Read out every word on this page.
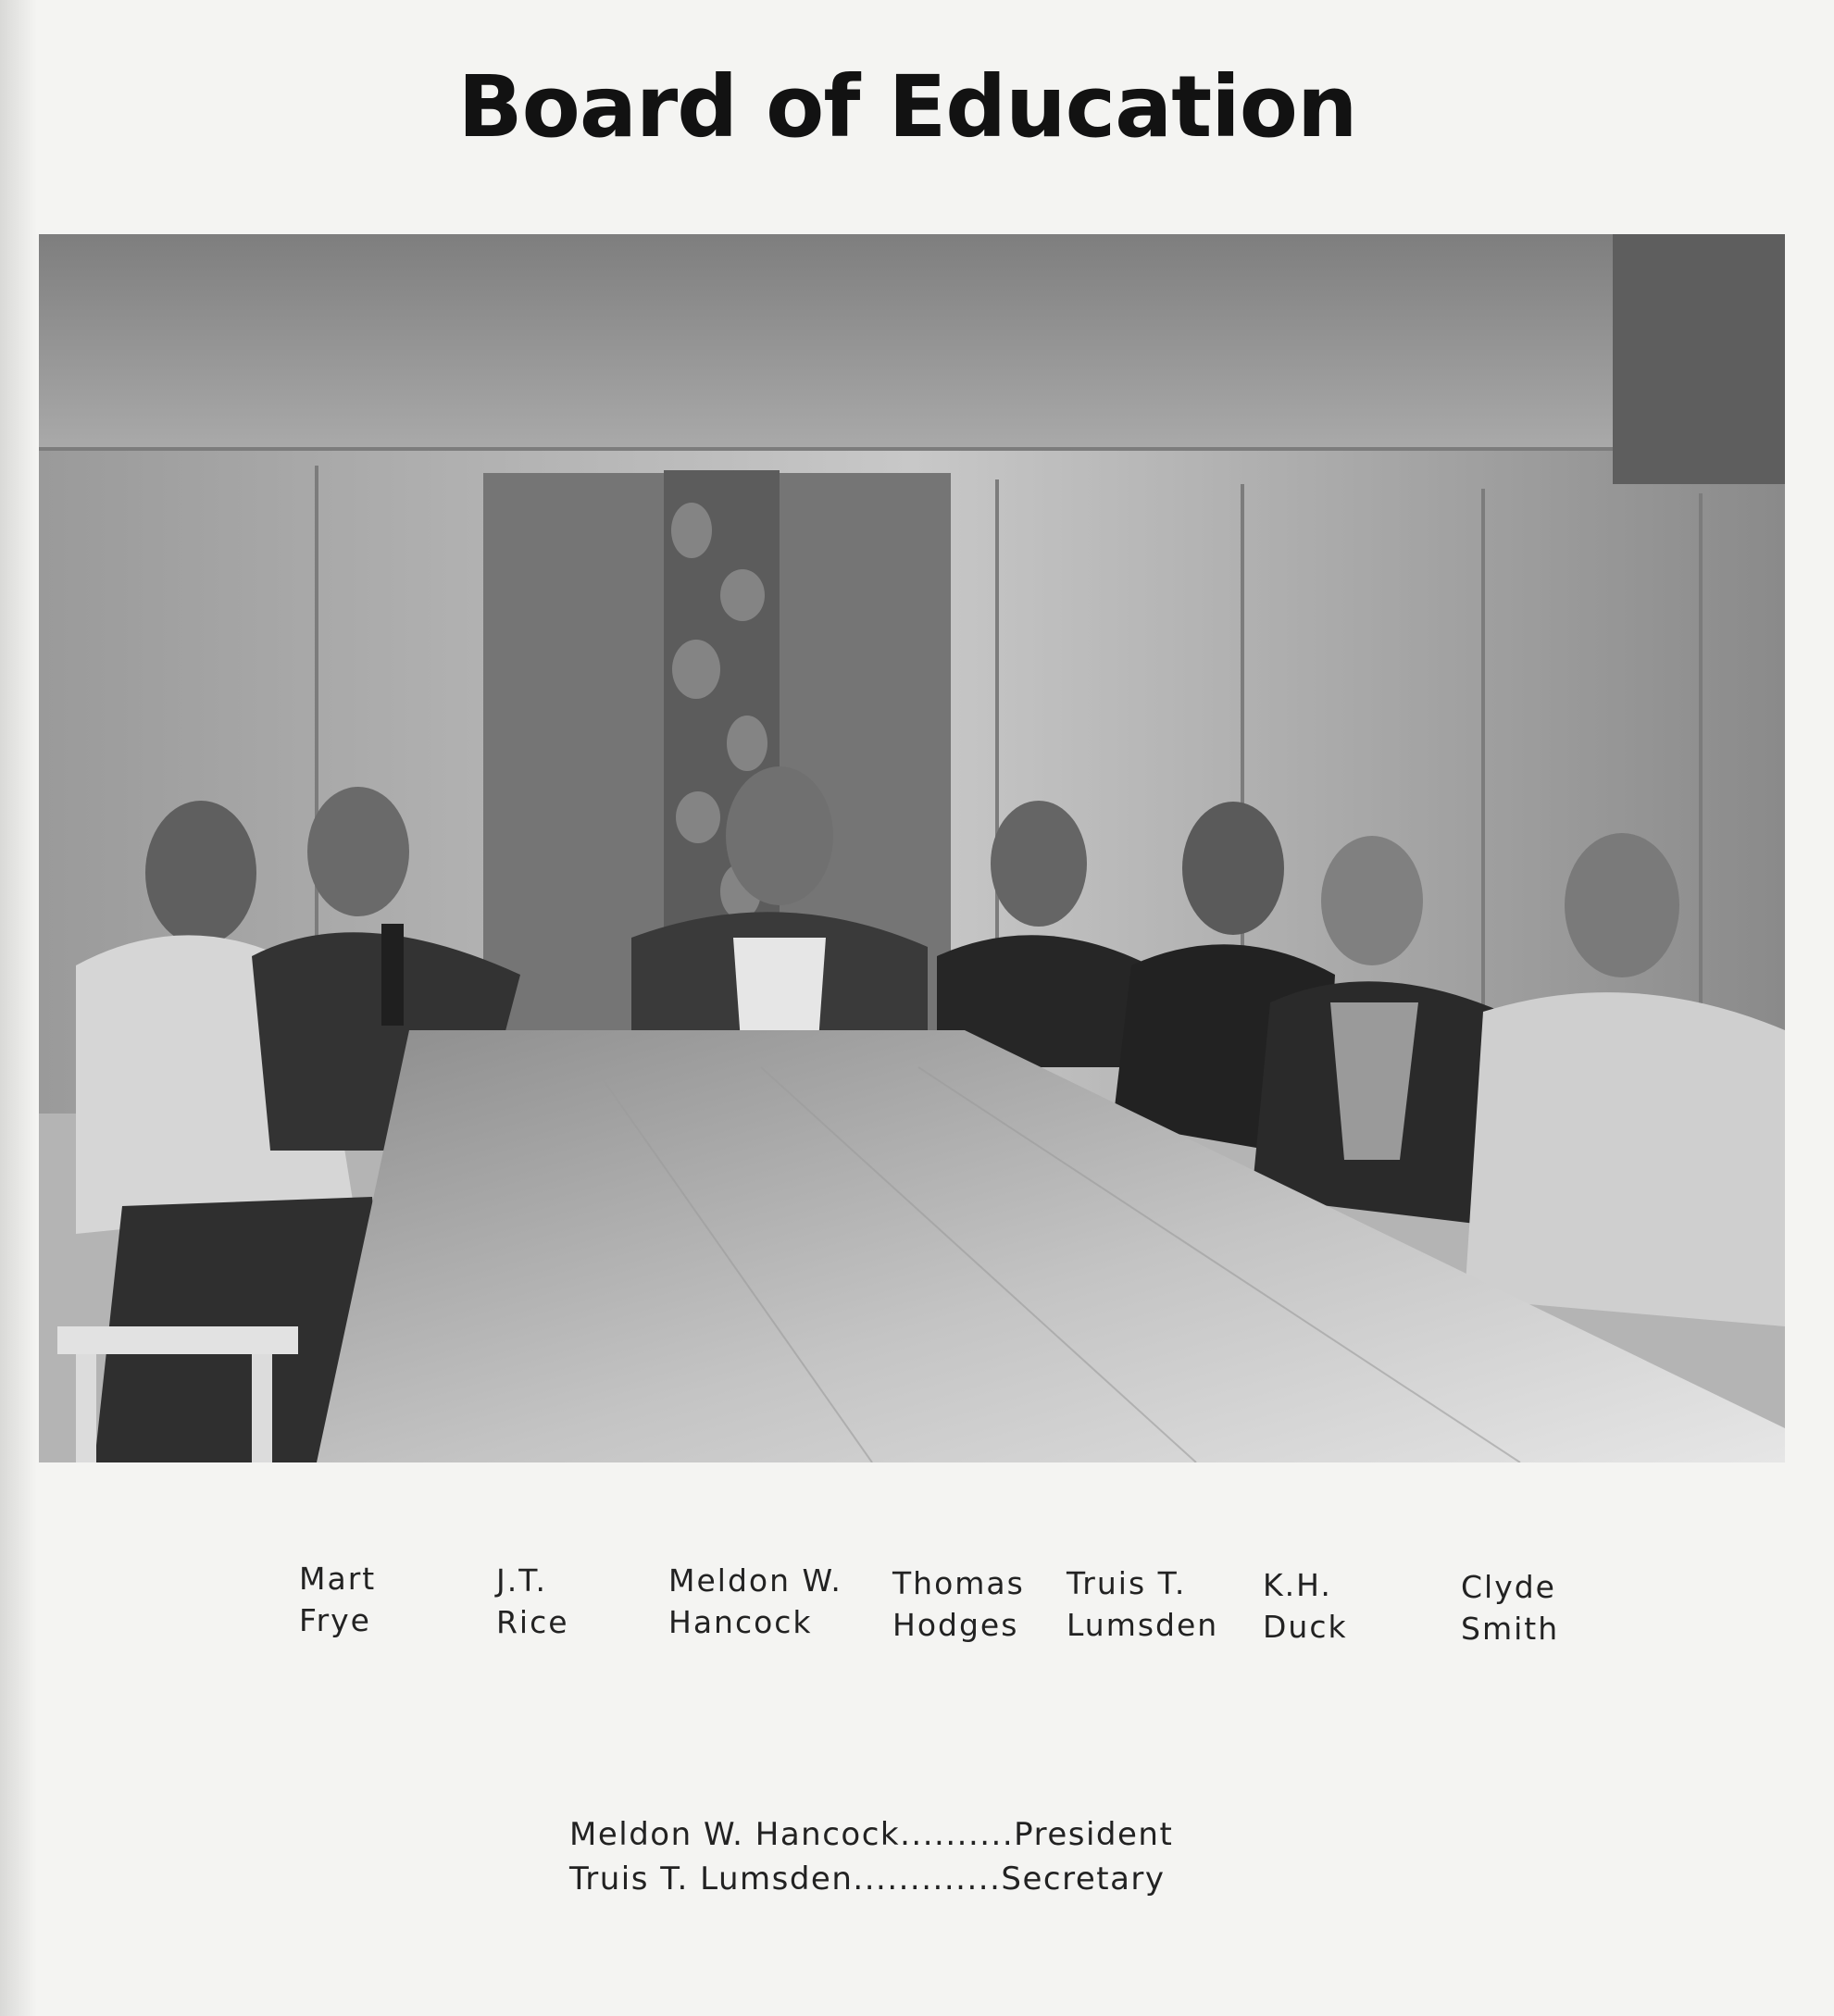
Board of Education
Mart
Frye
J.T.
Rice
Meldon W.
Hancock
Thomas
Hodges
Truis T.
Lumsden
K.H.
Duck
Clyde
Smith
Meldon W. Hancock..........President
Truis T. Lumsden.............Secretary
